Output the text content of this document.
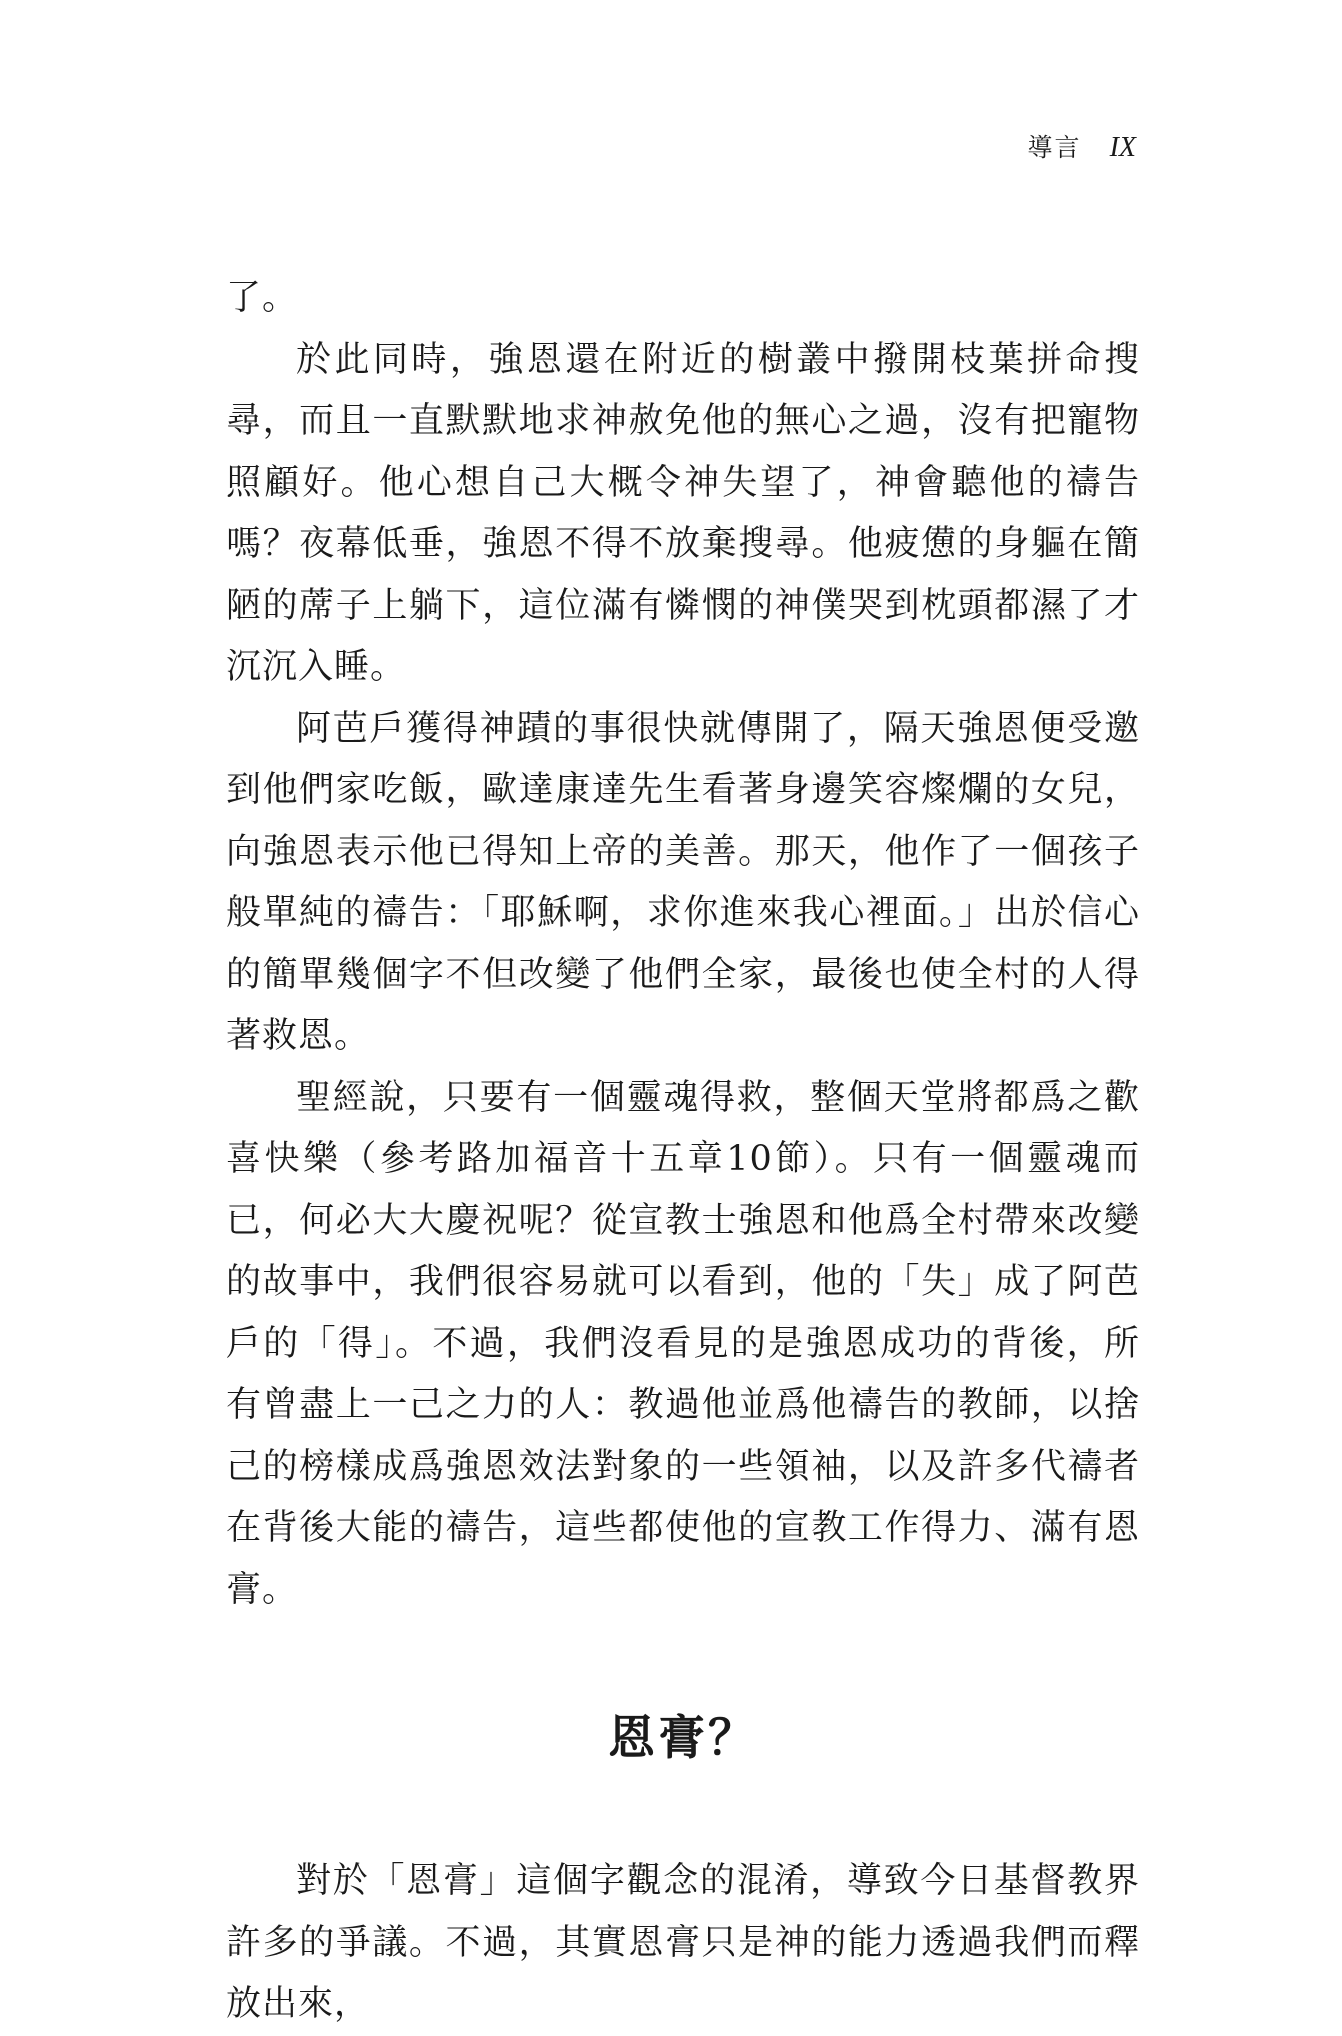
導言 IX

了。

於此同時，強恩還在附近的樹叢中撥開枝葉拼命搜尋，而且一直默默地求神赦免他的無心之過，沒有把寵物照顧好。他心想自己大概令神失望了，神會聽他的禱告嗎？夜幕低垂，強恩不得不放棄搜尋。他疲憊的身軀在簡陋的蓆子上躺下，這位滿有憐憫的神僕哭到枕頭都濕了才沉沉入睡。

阿芭戶獲得神蹟的事很快就傳開了，隔天強恩便受邀到他們家吃飯，歐達康達先生看著身邊笑容燦爛的女兒，向強恩表示他已得知上帝的美善。那天，他作了一個孩子般單純的禱告：「耶穌啊，求你進來我心裡面。」出於信心的簡單幾個字不但改變了他們全家，最後也使全村的人得著救恩。

聖經說，只要有一個靈魂得救，整個天堂將都爲之歡喜快樂（參考路加福音十五章10節）。只有一個靈魂而已，何必大大慶祝呢？從宣教士強恩和他爲全村帶來改變的故事中，我們很容易就可以看到，他的「失」成了阿芭戶的「得」。不過，我們沒看見的是強恩成功的背後，所有曾盡上一己之力的人：教過他並爲他禱告的教師，以捨己的榜樣成爲強恩效法對象的一些領袖，以及許多代禱者在背後大能的禱告，這些都使他的宣教工作得力、滿有恩膏。

恩膏？

對於「恩膏」這個字觀念的混淆，導致今日基督教界許多的爭議。不過，其實恩膏只是神的能力透過我們而釋放出來，
